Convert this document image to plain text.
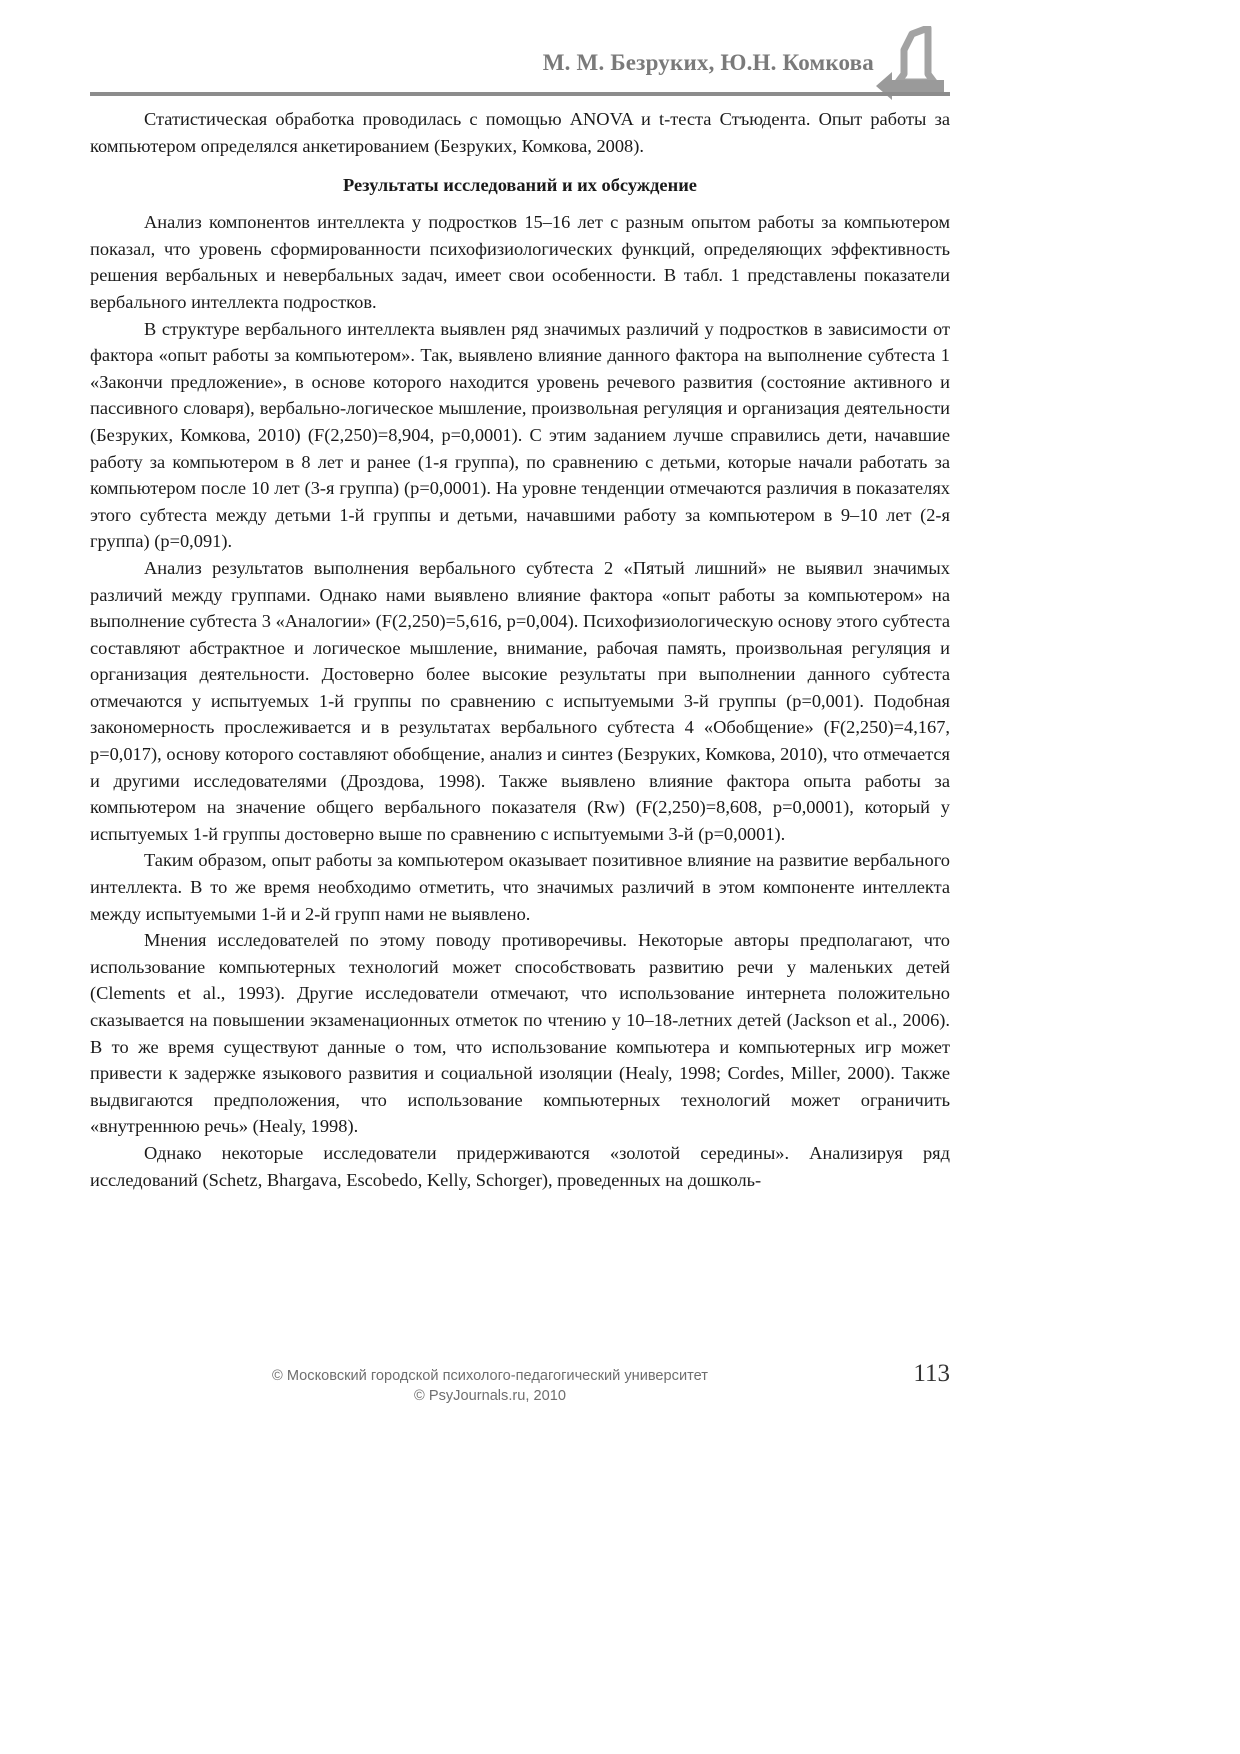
М. М. Безруких, Ю.Н. Комкова

Статистическая обработка проводилась с помощью ANOVA и t-теста Стъюдента. Опыт работы за компьютером определялся анкетированием (Безруких, Комкова, 2008).

Результаты исследований и их обсуждение

Анализ компонентов интеллекта у подростков 15–16 лет с разным опытом работы за компьютером показал, что уровень сформированности психофизиологических функций, определяющих эффективность решения вербальных и невербальных задач, имеет свои особенности. В табл. 1 представлены показатели вербального интеллекта подростков.

В структуре вербального интеллекта выявлен ряд значимых различий у подростков в зависимости от фактора «опыт работы за компьютером». Так, выявлено влияние данного фактора на выполнение субтеста 1 «Закончи предложение», в основе которого находится уровень речевого развития (состояние активного и пассивного словаря), вербально-логическое мышление, произвольная регуляция и организация деятельности (Безруких, Комкова, 2010) (F(2,250)=8,904, p=0,0001). С этим заданием лучше справились дети, начавшие работу за компьютером в 8 лет и ранее (1-я группа), по сравнению с детьми, которые начали работать за компьютером после 10 лет (3-я группа) (p=0,0001). На уровне тенденции отмечаются различия в показателях этого субтеста между детьми 1-й группы и детьми, начавшими работу за компьютером в 9–10 лет (2-я группа) (p=0,091).

Анализ результатов выполнения вербального субтеста 2 «Пятый лишний» не выявил значимых различий между группами. Однако нами выявлено влияние фактора «опыт работы за компьютером» на выполнение субтеста 3 «Аналогии» (F(2,250)=5,616, p=0,004). Психофизиологическую основу этого субтеста составляют абстрактное и логическое мышление, внимание, рабочая память, произвольная регуляция и организация деятельности. Достоверно более высокие результаты при выполнении данного субтеста отмечаются у испытуемых 1-й группы по сравнению с испытуемыми 3-й группы (p=0,001). Подобная закономерность прослеживается и в результатах вербального субтеста 4 «Обобщение» (F(2,250)=4,167, p=0,017), основу которого составляют обобщение, анализ и синтез (Безруких, Комкова, 2010), что отмечается и другими исследователями (Дроздова, 1998). Также выявлено влияние фактора опыта работы за компьютером на значение общего вербального показателя (Rw) (F(2,250)=8,608, p=0,0001), который у испытуемых 1-й группы достоверно выше по сравнению с испытуемыми 3-й (p=0,0001).

Таким образом, опыт работы за компьютером оказывает позитивное влияние на развитие вербального интеллекта. В то же время необходимо отметить, что значимых различий в этом компоненте интеллекта между испытуемыми 1-й и 2-й групп нами не выявлено.

Мнения исследователей по этому поводу противоречивы. Некоторые авторы предполагают, что использование компьютерных технологий может способствовать развитию речи у маленьких детей (Clements et al., 1993). Другие исследователи отмечают, что использование интернета положительно сказывается на повышении экзаменационных отметок по чтению у 10–18-летних детей (Jackson et al., 2006). В то же время существуют данные о том, что использование компьютера и компьютерных игр может привести к задержке языкового развития и социальной изоляции (Healy, 1998; Cordes, Miller, 2000). Также выдвигаются предположения, что использование компьютерных технологий может ограничить «внутреннюю речь» (Healy, 1998).

Однако некоторые исследователи придерживаются «золотой середины». Анализируя ряд исследований (Schetz, Bhargava, Escobedo, Kelly, Schorger), проведенных на дошколь-

© Московский городской психолого-педагогический университет
© PsyJournals.ru, 2010
113
